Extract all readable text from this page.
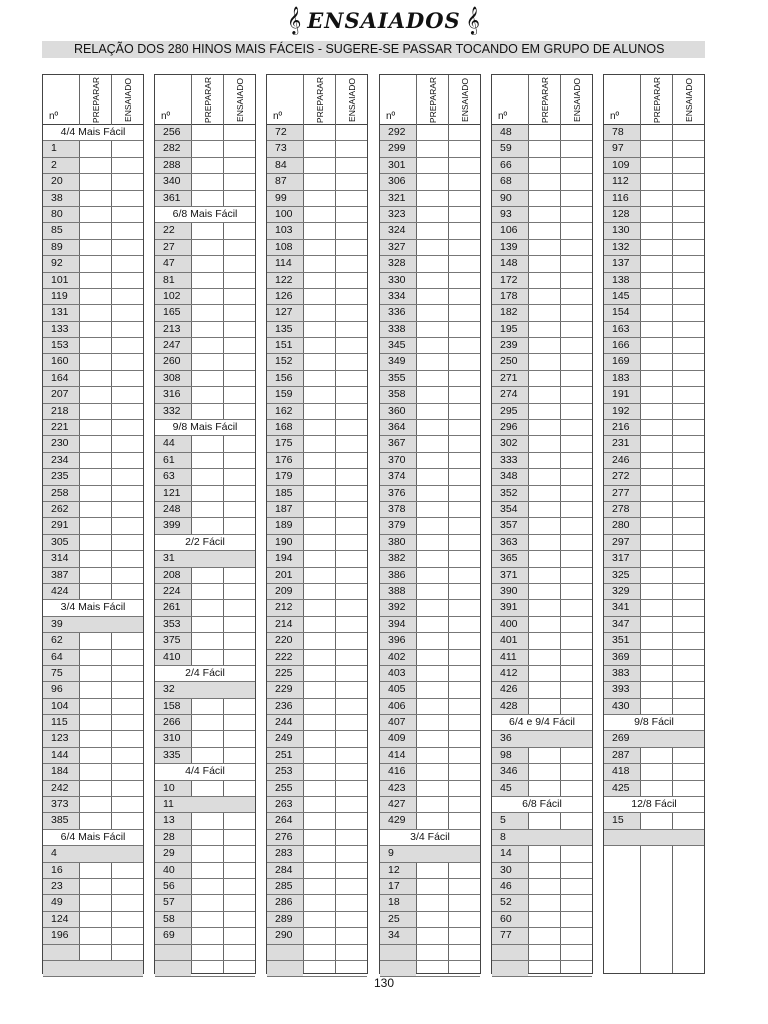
𝄞 ENSAIADOS 𝄞
RELAÇÃO DOS 280 HINOS MAIS FÁCEIS - SUGERE-SE PASSAR TOCANDO EM GRUPO DE ALUNOS
nº	PREPARAR	ENSAIADO
4/4 Mais Fácil
1
2
20
38
80
85
89
92
101
119
131
133
153
160
164
207
218
221
230
234
235
258
262
291
305
314
387
424
3/4 Mais Fácil
39
62
64
75
96
104
115
123
144
184
242
373
385
6/4 Mais Fácil
4
16
23
49
124
196
nº	PREPARAR	ENSAIADO
256
282
288
340
361
6/8 Mais Fácil
22
27
47
81
102
165
213
247
260
308
316
332
9/8 Mais Fácil
44
61
63
121
248
399
2/2 Fácil
31
208
224
261
353
375
410
2/4 Fácil
32
158
266
310
335
4/4 Fácil
10
11
13
28
29
40
56
57
58
69
nº	PREPARAR	ENSAIADO
72
73
84
87
99
100
103
108
114
122
126
127
135
151
152
156
159
162
168
175
176
179
185
187
189
190
194
201
209
212
214
220
222
225
229
236
244
249
251
253
255
263
264
276
283
284
285
286
289
290
nº	PREPARAR	ENSAIADO
292
299
301
306
321
323
324
327
328
330
334
336
338
345
349
355
358
360
364
367
370
374
376
378
379
380
382
386
388
392
394
396
402
403
405
406
407
409
414
416
423
427
429
3/4 Fácil
9
12
17
18
25
34
nº	PREPARAR	ENSAIADO
48
59
66
68
90
93
106
139
148
172
178
182
195
239
250
271
274
295
296
302
333
348
352
354
357
363
365
371
390
391
400
401
411
412
426
428
6/4 e 9/4 Fácil
36
98
346
45
6/8 Fácil
5
8
14
30
46
52
60
77
nº	PREPARAR	ENSAIADO
78
97
109
112
116
128
130
132
137
138
145
154
163
166
169
183
191
192
216
231
246
272
277
278
280
297
317
325
329
341
347
351
369
383
393
430
9/8 Fácil
269
287
418
425
12/8 Fácil
15
130
